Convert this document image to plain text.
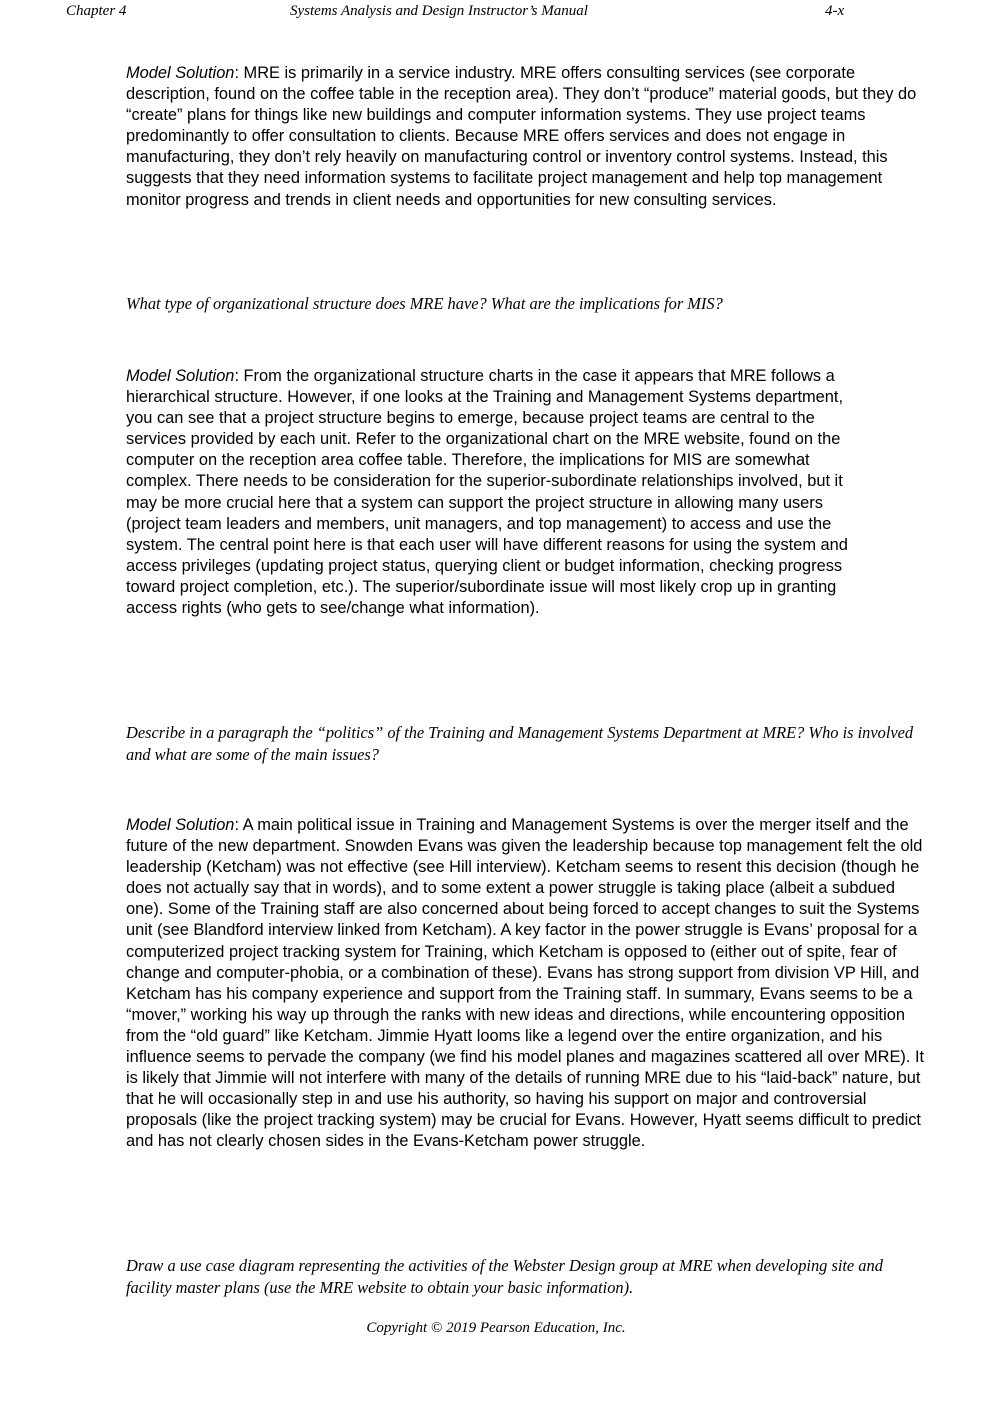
Chapter 4	Systems Analysis and Design Instructor’s Manual	4-x

Model Solution: MRE is primarily in a service industry. MRE offers consulting services (see corporate description, found on the coffee table in the reception area). They don’t “produce” material goods, but they do “create” plans for things like new buildings and computer information systems. They use project teams predominantly to offer consultation to clients. Because MRE offers services and does not engage in manufacturing, they don’t rely heavily on manufacturing control or inventory control systems. Instead, this suggests that they need information systems to facilitate project management and help top management monitor progress and trends in client needs and opportunities for new consulting services.

What type of organizational structure does MRE have? What are the implications for MIS?

Model Solution: From the organizational structure charts in the case it appears that MRE follows a hierarchical structure. However, if one looks at the Training and Management Systems department, you can see that a project structure begins to emerge, because project teams are central to the services provided by each unit. Refer to the organizational chart on the MRE website, found on the computer on the reception area coffee table. Therefore, the implications for MIS are somewhat complex. There needs to be consideration for the superior-subordinate relationships involved, but it may be more crucial here that a system can support the project structure in allowing many users (project team leaders and members, unit managers, and top management) to access and use the system. The central point here is that each user will have different reasons for using the system and access privileges (updating project status, querying client or budget information, checking progress toward project completion, etc.). The superior/subordinate issue will most likely crop up in granting access rights (who gets to see/change what information).

Describe in a paragraph the “politics” of the Training and Management Systems Department at MRE? Who is involved and what are some of the main issues?

Model Solution: A main political issue in Training and Management Systems is over the merger itself and the future of the new department. Snowden Evans was given the leadership because top management felt the old leadership (Ketcham) was not effective (see Hill interview). Ketcham seems to resent this decision (though he does not actually say that in words), and to some extent a power struggle is taking place (albeit a subdued one). Some of the Training staff are also concerned about being forced to accept changes to suit the Systems unit (see Blandford interview linked from Ketcham). A key factor in the power struggle is Evans’ proposal for a computerized project tracking system for Training, which Ketcham is opposed to (either out of spite, fear of change and computer-phobia, or a combination of these). Evans has strong support from division VP Hill, and Ketcham has his company experience and support from the Training staff. In summary, Evans seems to be a “mover,” working his way up through the ranks with new ideas and directions, while encountering opposition from the “old guard” like Ketcham. Jimmie Hyatt looms like a legend over the entire organization, and his influence seems to pervade the company (we find his model planes and magazines scattered all over MRE). It is likely that Jimmie will not interfere with many of the details of running MRE due to his “laid-back” nature, but that he will occasionally step in and use his authority, so having his support on major and controversial proposals (like the project tracking system) may be crucial for Evans. However, Hyatt seems difficult to predict and has not clearly chosen sides in the Evans-Ketcham power struggle.

Draw a use case diagram representing the activities of the Webster Design group at MRE when developing site and facility master plans (use the MRE website to obtain your basic information).

Copyright © 2019 Pearson Education, Inc.
